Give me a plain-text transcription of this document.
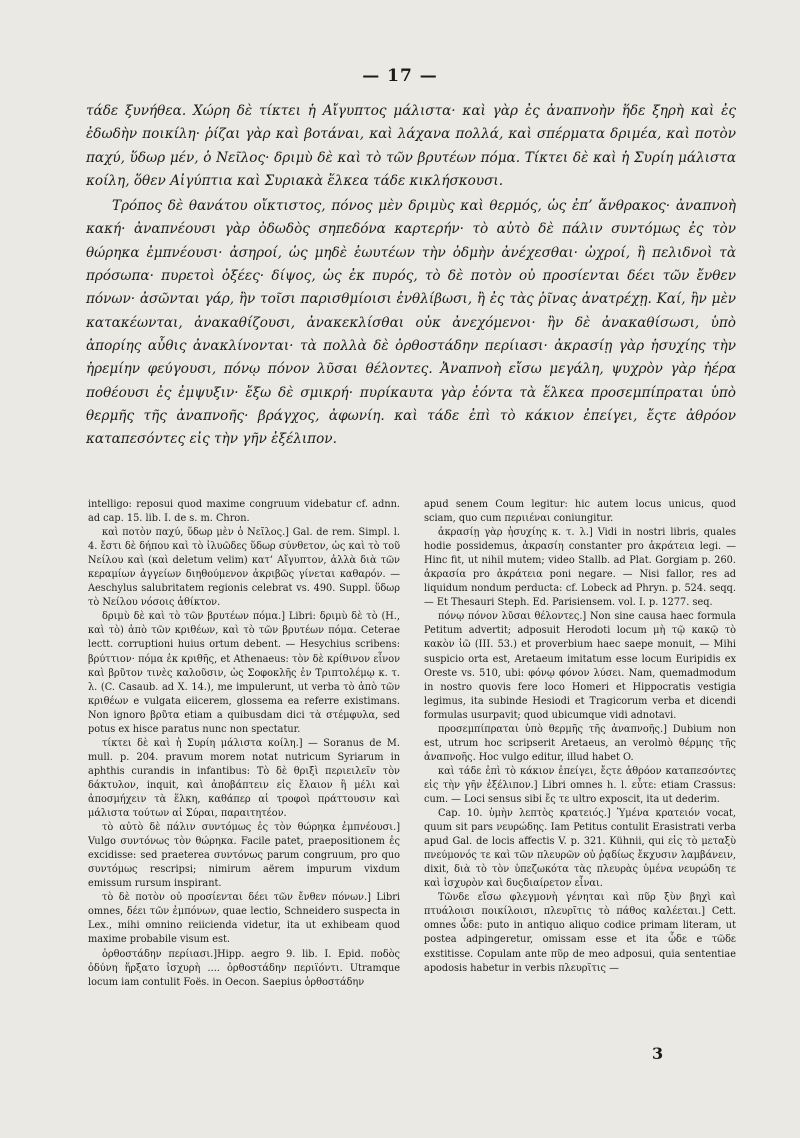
— 17 —

τάδε ξυνήθεα. Χώρη δὲ τίκτει ἡ Αἴγυπτος μάλιστα· καὶ γὰρ ἐς ἀναπνοὴν ἥδε ξηρὴ καὶ ἐς ἐδωδὴν ποικίλη· ῥίζαι γὰρ καὶ βοτάναι, καὶ λάχανα πολλά, καὶ σπέρματα δριμέα, καὶ ποτὸν παχύ, ὕδωρ μέν, ὁ Νεῖλος· δριμὺ δὲ καὶ τὸ τῶν βρυτέων πόμα. Τίκτει δὲ καὶ ἡ Συρίη μάλιστα κοίλη, ὅθεν Αἰγύπτια καὶ Συριακὰ ἕλκεα τάδε κικλήσκουσι.

Τρόπος δὲ θανάτου οἴκτιστος, πόνος μὲν δριμὺς καὶ θερμός, ὡς ἐπ’ ἄνθρακος· ἀναπνοὴ κακή· ἀναπνέουσι γὰρ ὀδωδὸς σηπεδόνα καρτερήν· τὸ αὐτὸ δὲ πάλιν συντόμως ἐς τὸν θώρηκα ἐμπνέουσι· ἀσηροί, ὡς μηδὲ ἑωυτέων τὴν ὀδμὴν ἀνέχεσθαι· ὠχροί, ἢ πελιδνοὶ τὰ πρόσωπα· πυρετοὶ ὀξέες· δίψος, ὡς ἐκ πυρός, τὸ δὲ ποτὸν οὐ προσίενται δέει τῶν ἔνθεν πόνων· ἀσῶνται γάρ, ἢν τοῖσι παρισθμίοισι ἐνθλίβωσι, ἢ ἐς τὰς ῥῖνας ἀνατρέχῃ. Καί, ἢν μὲν κατακέωνται, ἀνακαθίζουσι, ἀνακεκλίσθαι οὐκ ἀνεχόμενοι· ἢν δὲ ἀνακαθίσωσι, ὑπὸ ἀπορίης αὖθις ἀνακλίνονται· τὰ πολλὰ δὲ ὀρθοστάδην περίιασι· ἀκρασίῃ γὰρ ἡσυχίης τὴν ἠρεμίην φεύγουσι, πόνῳ πόνον λῦσαι θέλοντες. Ἀναπνοὴ εἴσω μεγάλη, ψυχρὸν γὰρ ἠέρα ποθέουσι ἐς ἐμψυξιν· ἔξω δὲ σμικρή· πυρίκαυτα γὰρ ἐόντα τὰ ἕλκεα προσεμπίπραται ὑπὸ θερμῆς τῆς ἀναπνοῆς· βράγχος, ἀφωνίη. καὶ τάδε ἐπὶ τὸ κάκιον ἐπείγει, ἔςτε ἀθρόον καταπεσόντες εἰς τὴν γῆν ἐξέλιπον.

intelligo: reposui quod maxime congruum videbatur cf. adnn. ad cap. 15. lib. I. de s. m. Chron.

καὶ ποτὸν παχύ, ὕδωρ μὲν ὁ Νεῖλος.] Gal. de rem. Simpl. l. 4. ἔστι δὲ δήπου καὶ τὸ ἰλυῶδες ὕδωρ σύνθετον, ὡς καὶ τὸ τοῦ Νείλου καὶ (καὶ deletum velim) κατ’ Αἴγυπτον, ἀλλὰ διὰ τῶν κεραμίων ἀγγείων διηθούμενον ἀκριβῶς γίνεται καθαρόν. — Aeschylus salubritatem regionis celebrat vs. 490. Suppl. ὕδωρ τὸ Νείλου νόσοις ἀθίκτον.

δριμὺ δὲ καὶ τὸ τῶν βρυτέων πόμα.] Libri: δριμὺ δὲ τὸ (H., καὶ τὸ) ἀπὸ τῶν κριθέων, καὶ τὸ τῶν βρυτέων πόμα. Ceterae lectt. corruptioni huius ortum debent. — Hesychius scribens: βρύττιον· πόμα ἐκ κριθῆς, et Athenaeus: τὸν δὲ κρίθινον εἶνον καὶ βρῦτον τινὲς καλοῦσιν, ὡς Σοφοκλῆς ἐν Τριπτολέμῳ κ. τ. λ. (C. Casaub. ad X. 14.), me impulerunt, ut verba τὸ ἀπὸ τῶν κριθέων e vulgata eiicerem, glossema ea referre existimans. Non ignoro βρῦτα etiam a quibusdam dici τὰ στέμφυλα, sed potus ex hisce paratus nunc non spectatur.

τίκτει δὲ καὶ ἡ Συρίη μάλιστα κοίλη.] — Soranus de M. mull. p. 204. pravum morem notat nutricum Syriarum in aphthis curandis in infantibus: Τὸ δὲ θριξὶ περιειλεῖν τὸν δάκτυλον, inquit, καὶ ἀποβάπτειν εἰς ἔλαιον ἢ μέλι καὶ ἀποσμήχειν τὰ ἕλκη, καθάπερ αἱ τροφοὶ πράττουσιν καὶ μάλιστα τούτων αἱ Σύραι, παραιτητέον.

τὸ αὐτὸ δὲ πάλιν συντόμως ἐς τὸν θώρηκα ἐμπνέουσι.] Vulgo συντόνως τὸν θώρηκα. Facile patet, praepositionem ἐς excidisse: sed praeterea συντόνως parum congruum, pro quo συντόμως rescripsi; nimirum aërem impurum vixdum emissum rursum inspirant.

τὸ δὲ ποτὸν οὐ προσίενται δέει τῶν ἔνθεν πόνων.] Libri omnes, δέει τῶν ἐμπόνων, quae lectio, Schneidero suspecta in Lex., mihi omnino reiicienda videtur, ita ut exhibeam quod maxime probabile visum est.

ὀρθοστάδην περίιασι.]Hipp. aegro 9. lib. I. Epid. ποδὸς ὀδύνη ἥρξατο ἰσχυρὴ .... ὀρθοστάδην περιϊόντι. Utramque locum iam contulit Foës. in Oecon. Saepius ὀρθοστάδην

apud senem Coum legitur: hic autem locus unicus, quod sciam, quo cum περιιέναι coniungitur.

ἀκρασίῃ γὰρ ἡσυχίης κ. τ. λ.] Vidi in nostri libris, quales hodie possidemus, ἀκρασίη constanter pro ἀκράτεια legi. — Hinc fit, ut nihil mutem; video Stallb. ad Plat. Gorgiam p. 260. ἀκρασία pro ἀκράτεια poni negare. — Nisi fallor, res ad liquidum nondum perducta: cf. Lobeck ad Phryn. p. 524. seqq. — Et Thesauri Steph. Ed. Parisiensem. vol. I. p. 1277. seq.

πόνῳ πόνον λῦσαι θέλοντες.] Non sine causa haec formula Petitum advertit; adposuit Herodoti locum μὴ τῷ κακῷ τὸ κακὸν ἰῶ (III. 53.) et proverbium haec saepe monuit, — Mihi suspicio orta est, Aretaeum imitatum esse locum Euripidis ex Oreste vs. 510, ubi: φόνῳ φόνον λύσει. Nam, quemadmodum in nostro quovis fere loco Homeri et Hippocratis vestigia legimus, ita subinde Hesiodi et Tragicorum verba et dicendi formulas usurpavit; quod ubicumque vidi adnotavi.

προσεμπίπραται ὑπὸ θερμῆς τῆς ἀναπνοῆς.] Dubium non est, utrum hoc scripserit Aretaeus, an verolmò θέρμης τῆς ἀναπνοῆς. Hoc vulgo editur, illud habet O.

καὶ τάδε ἐπὶ τὸ κάκιον ἐπείγει, ἔςτε ἀθρόον καταπεσόντες εἰς τὴν γῆν ἐξέλιπον.] Libri omnes h. l. εὖτε: etiam Crassus: cum. — Loci sensus sibi ἔς τε ultro exposcit, ita ut dederim.

Cap. 10. ὑμὴν λεπτὸς κρατειός.] Ὑμένα κρατειόν vocat, quum sit pars νευρώδης. Iam Petitus contulit Erasistrati verba apud Gal. de locis affectis V. p. 321. Kühnii, qui εἰς τὸ μεταξὺ πνεύμονός τε καὶ τῶν πλευρῶν οὐ ῥᾳδίως ἔκχυσιν λαμβάνειν, dixit, διὰ τὸ τὸν ὑπεζωκότα τὰς πλευρὰς ὑμένα νευρώδη τε καὶ ἰσχυρὸν καὶ δυςδιαίρετον εἶναι.

Τῶνδε εἴσω φλεγμονὴ γένηται καὶ πῦρ ξὺν βηχὶ καὶ πτυάλοισι ποικίλοισι, πλευρῖτις τὸ πάθος καλέεται.] Cett. omnes ὧδε: puto in antiquo aliquo codice primam literam, ut postea adpingeretur, omissam esse et ita ὧδε e τῶδε exstitisse. Copulam ante πῦρ de meo adposui, quia sententiae apodosis habetur in verbis πλευρῖτις —

3
